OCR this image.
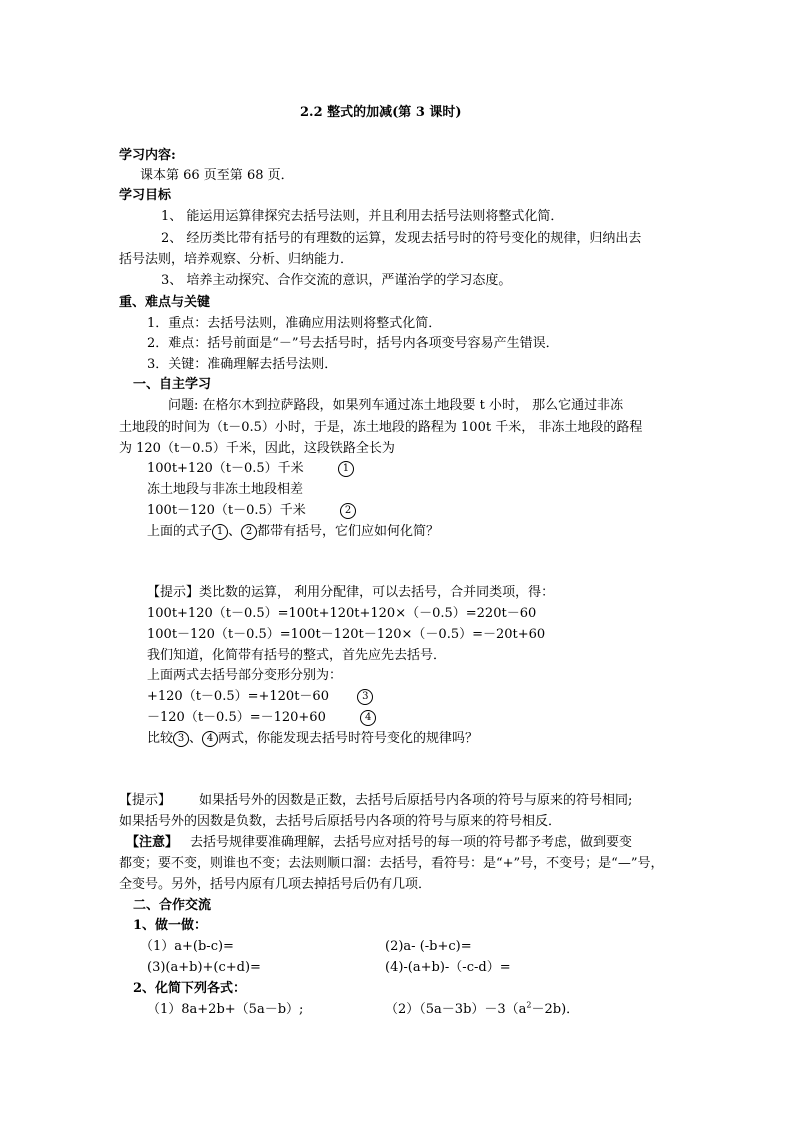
2.2 整式的加减(第 3 课时)
学习内容:
课本第 66 页至第 68 页．
学习目标
1、 能运用运算律探究去括号法则，并且利用去括号法则将整式化简．
2、 经历类比带有括号的有理数的运算，发现去括号时的符号变化的规律，归纳出去
括号法则，培养观察、分析、归纳能力．
3、 培养主动探究、合作交流的意识，严谨治学的学习态度。
重、难点与关键
1．重点：去括号法则，准确应用法则将整式化简．
2．难点：括号前面是“－”号去括号时，括号内各项变号容易产生错误．
3．关键：准确理解去括号法则．
一、自主学习
问题: 在格尔木到拉萨路段，如果列车通过冻土地段要 t 小时， 那么它通过非冻
土地段的时间为（t－0.5）小时，于是，冻土地段的路程为 100t 千米， 非冻土地段的路程
为 120（t－0.5）千米，因此，这段铁路全长为
100t+120（t－0.5）千米	1
冻土地段与非冻土地段相差
100t－120（t－0.5）千米	2
上面的式子 1 、 2 都带有括号，它们应如何化简？
【提示】类比数的运算， 利用分配律，可以去括号，合并同类项，得：
100t+120（t－0.5）=100t+120t+120×（－0.5）=220t－60
100t－120（t－0.5）=100t－120t－120×（－0.5）=－20t+60
我们知道，化简带有括号的整式，首先应先去括号．
上面两式去括号部分变形分别为：
+120（t－0.5）=+120t－60	3
－120（t－0.5）=－120+60	4
比较 3 、 4 两式，你能发现去括号时符号变化的规律吗？
【提示】 如果括号外的因数是正数，去括号后原括号内各项的符号与原来的符号相同;
如果括号外的因数是负数，去括号后原括号内各项的符号与原来的符号相反．
【注意】 去括号规律要准确理解，去括号应对括号的每一项的符号都予考虑，做到要变
都变；要不变，则谁也不变；去法则顺口溜：去括号，看符号：是“+”号，不变号；是“—”号，
全变号。另外，括号内原有几项去掉括号后仍有几项．
二、合作交流
1、做一做：
（1）a+(b-c)=	(2)a- (-b+c)=
(3)(a+b)+(c+d)=	(4)-(a+b)-（-c-d）=
2、化简下列各式：
（1）8a+2b+（5a－b）;	$(2)(5a-3b)-3(a^2-2b)$．
